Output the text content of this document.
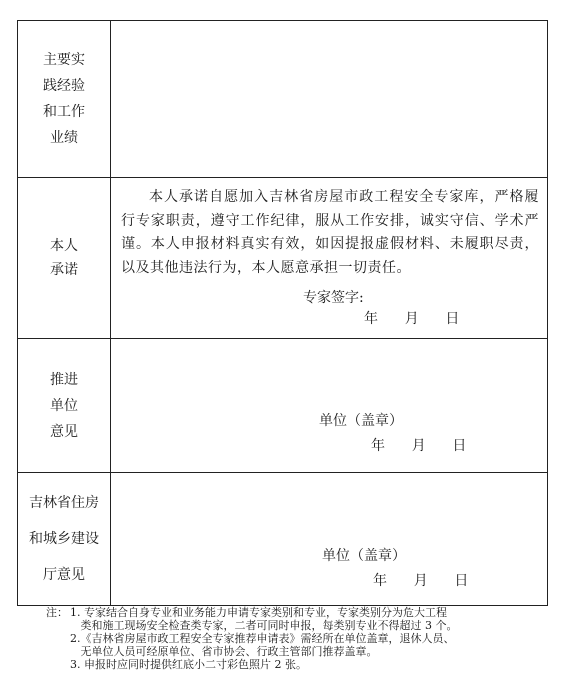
主要实
践经验
和工作
业绩
本人
承诺
本人承诺自愿加入吉林省房屋市政工程安全专家库，严格履行专家职责，遵守工作纪律，服从工作安排，诚实守信、学术严谨。本人申报材料真实有效，如因提报虚假材料、未履职尽责，以及其他违法行为，本人愿意承担一切责任。
专家签字:
年      月      日
推进
单位
意见
单位（盖章）
年      月      日
吉林省住房
和城乡建设
厅意见
单位（盖章）
年      月      日
注： 1. 专家结合自身专业和业务能力申请专家类别和专业，专家类别分为危大工程
类和施工现场安全检查类专家，二者可同时申报，每类别专业不得超过 3 个。
2.《吉林省房屋市政工程安全专家推荐申请表》需经所在单位盖章，退休人员、
无单位人员可经原单位、省市协会、行政主管部门推荐盖章。
3. 申报时应同时提供红底小二寸彩色照片 2 张。
